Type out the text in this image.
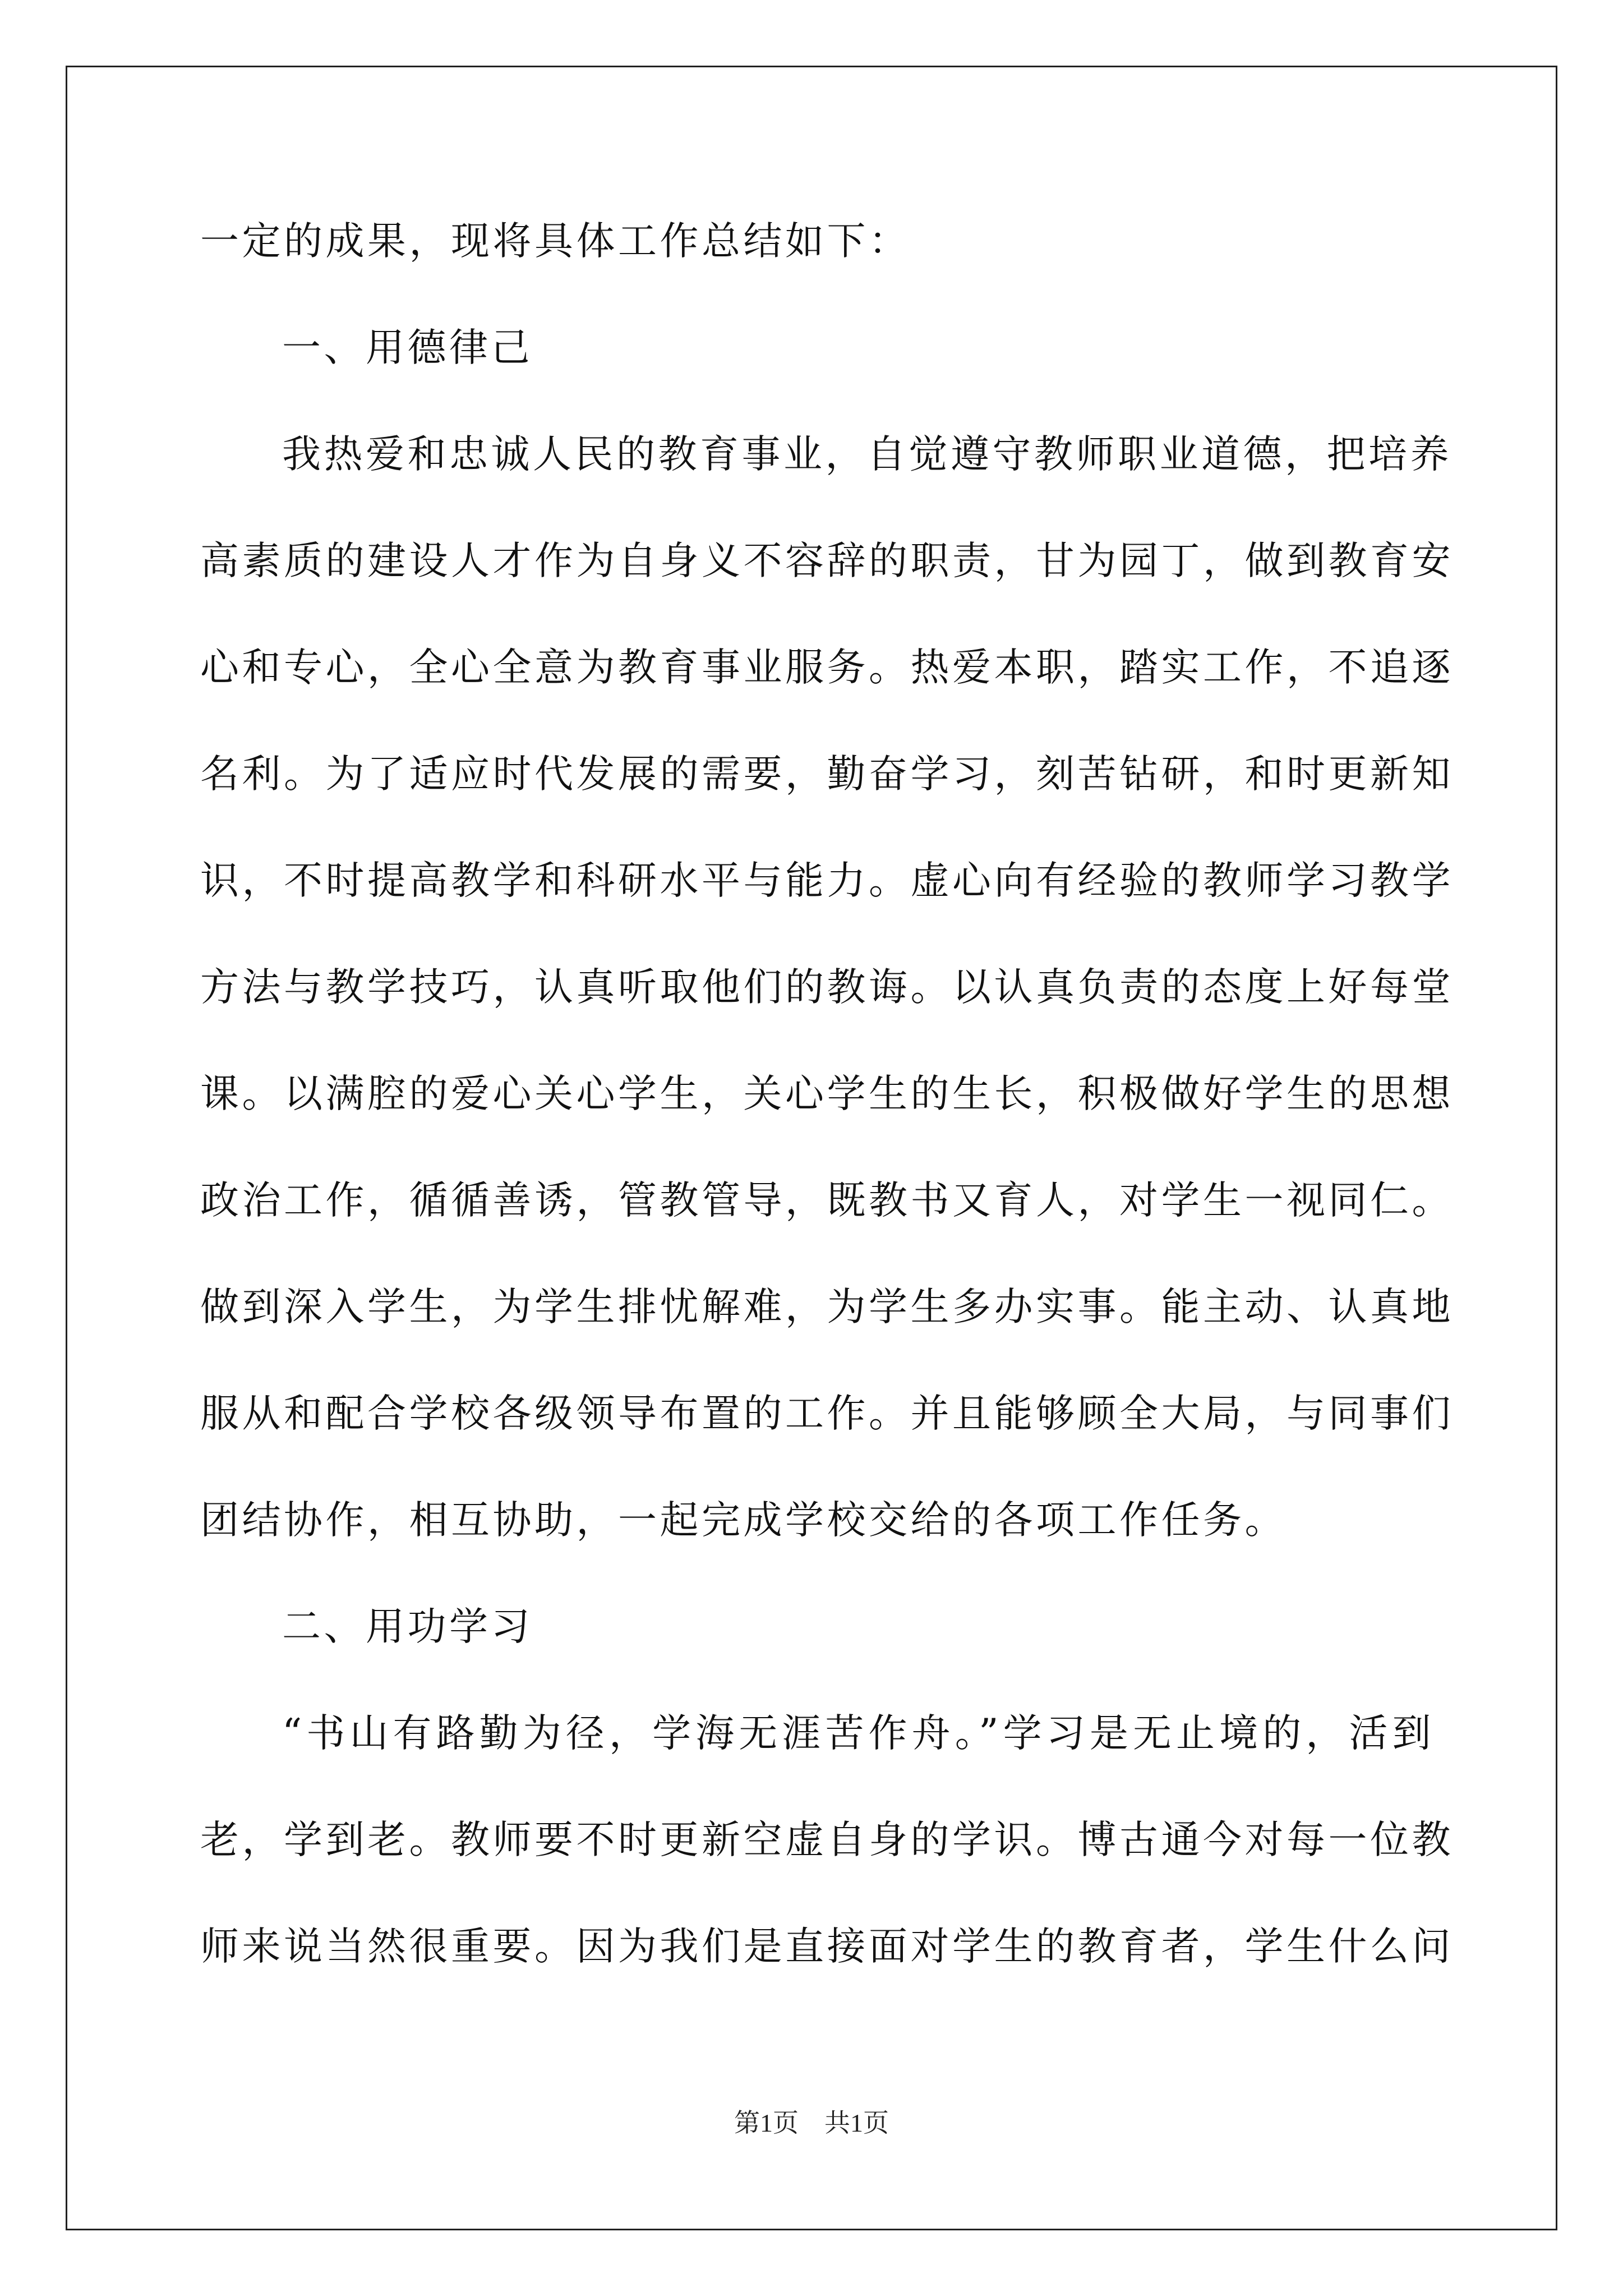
一定的成果，现将具体工作总结如下：
一、用德律己
我热爱和忠诚人民的教育事业，自觉遵守教师职业道德，把培养
高素质的建设人才作为自身义不容辞的职责，甘为园丁，做到教育安
心和专心，全心全意为教育事业服务。热爱本职，踏实工作，不追逐
名利。为了适应时代发展的需要，勤奋学习，刻苦钻研，和时更新知
识，不时提高教学和科研水平与能力。虚心向有经验的教师学习教学
方法与教学技巧，认真听取他们的教诲。以认真负责的态度上好每堂
课。以满腔的爱心关心学生，关心学生的生长，积极做好学生的思想
政治工作，循循善诱，管教管导，既教书又育人，对学生一视同仁。
做到深入学生，为学生排忧解难，为学生多办实事。能主动、认真地
服从和配合学校各级领导布置的工作。并且能够顾全大局，与同事们
团结协作，相互协助，一起完成学校交给的各项工作任务。
二、用功学习
“书山有路勤为径，学海无涯苦作舟。”学习是无止境的，活到
老，学到老。教师要不时更新空虚自身的学识。博古通今对每一位教
师来说当然很重要。因为我们是直接面对学生的教育者，学生什么问
第1页　共1页
